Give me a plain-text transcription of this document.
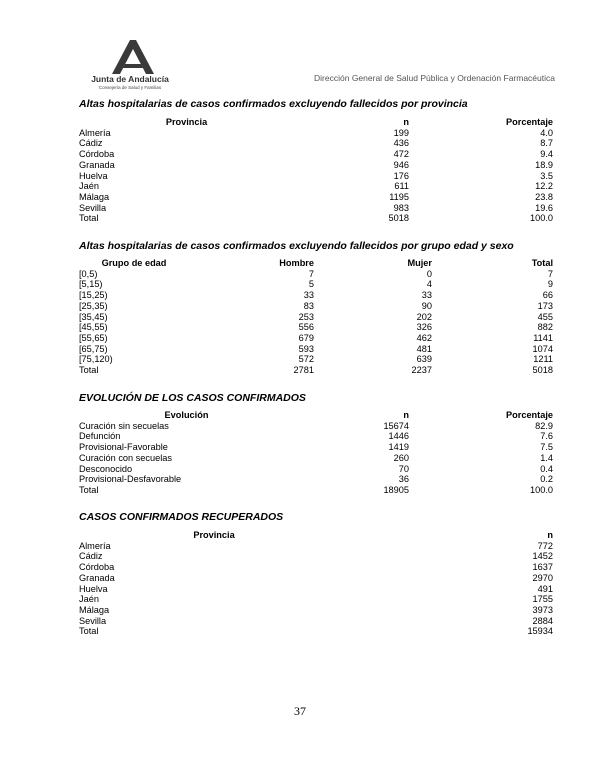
Junta de Andalucía
Consejería de Salud y Familias
Dirección General de Salud Pública y Ordenación Farmacéutica
Altas hospitalarias de casos confirmados excluyendo fallecidos por provincia
Provincia	n	Porcentaje
Almería	199	4.0
Cádiz	436	8.7
Córdoba	472	9.4
Granada	946	18.9
Huelva	176	3.5
Jaén	611	12.2
Málaga	1195	23.8
Sevilla	983	19.6
Total	5018	100.0
Altas hospitalarias de casos confirmados excluyendo fallecidos por grupo edad y sexo
Grupo de edad	Hombre	Mujer	Total
[0,5)	7	0	7
[5,15)	5	4	9
[15,25)	33	33	66
[25,35)	83	90	173
[35,45)	253	202	455
[45,55)	556	326	882
[55,65)	679	462	1141
[65,75)	593	481	1074
[75,120)	572	639	1211
Total	2781	2237	5018
EVOLUCIÓN DE LOS CASOS CONFIRMADOS
Evolución	n	Porcentaje
Curación sin secuelas	15674	82.9
Defunción	1446	7.6
Provisional-Favorable	1419	7.5
Curación con secuelas	260	1.4
Desconocido	70	0.4
Provisional-Desfavorable	36	0.2
Total	18905	100.0
CASOS CONFIRMADOS RECUPERADOS
Provincia	n
Almería	772
Cádiz	1452
Córdoba	1637
Granada	2970
Huelva	491
Jaén	1755
Málaga	3973
Sevilla	2884
Total	15934
37
